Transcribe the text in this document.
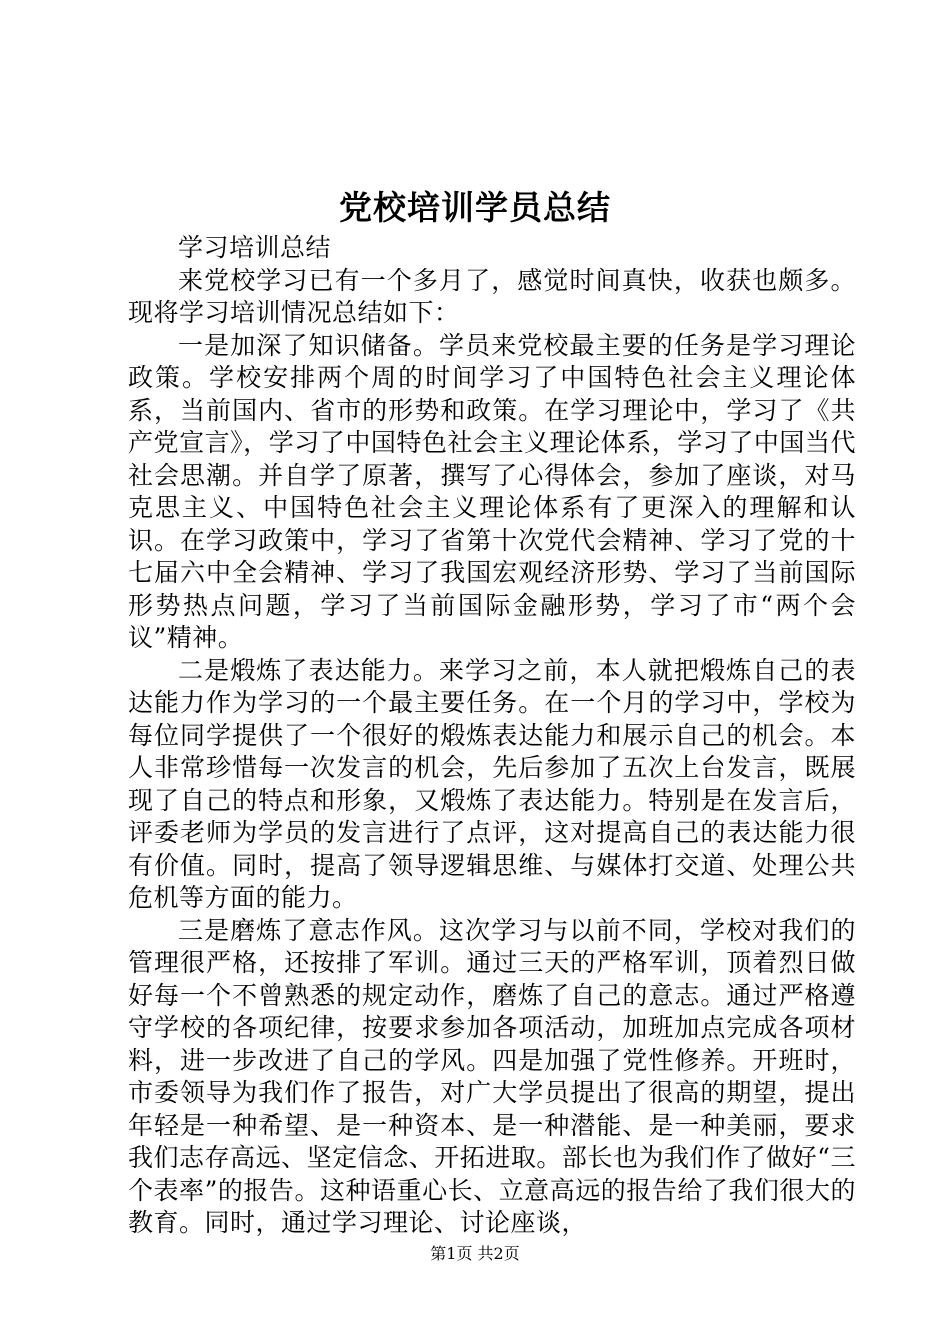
党校培训学员总结

学习培训总结

来党校学习已有一个多月了，感觉时间真快，收获也颇多。现将学习培训情况总结如下：

一是加深了知识储备。学员来党校最主要的任务是学习理论政策。学校安排两个周的时间学习了中国特色社会主义理论体系，当前国内、省市的形势和政策。在学习理论中，学习了《共产党宣言》，学习了中国特色社会主义理论体系，学习了中国当代社会思潮。并自学了原著，撰写了心得体会，参加了座谈，对马克思主义、中国特色社会主义理论体系有了更深入的理解和认识。在学习政策中，学习了省第十次党代会精神、学习了党的十七届六中全会精神、学习了我国宏观经济形势、学习了当前国际形势热点问题，学习了当前国际金融形势，学习了市“两个会议”精神。

二是煅炼了表达能力。来学习之前，本人就把煅炼自己的表达能力作为学习的一个最主要任务。在一个月的学习中，学校为每位同学提供了一个很好的煅炼表达能力和展示自己的机会。本人非常珍惜每一次发言的机会，先后参加了五次上台发言，既展现了自己的特点和形象，又煅炼了表达能力。特别是在发言后，评委老师为学员的发言进行了点评，这对提高自己的表达能力很有价值。同时，提高了领导逻辑思维、与媒体打交道、处理公共危机等方面的能力。

三是磨炼了意志作风。这次学习与以前不同，学校对我们的管理很严格，还按排了军训。通过三天的严格军训，顶着烈日做好每一个不曾熟悉的规定动作，磨炼了自己的意志。通过严格遵守学校的各项纪律，按要求参加各项活动，加班加点完成各项材料，进一步改进了自己的学风。四是加强了党性修养。开班时，市委领导为我们作了报告，对广大学员提出了很高的期望，提出年轻是一种希望、是一种资本、是一种潜能、是一种美丽，要求我们志存高远、坚定信念、开拓进取。部长也为我们作了做好“三个表率”的报告。这种语重心长、立意高远的报告给了我们很大的教育。同时，通过学习理论、讨论座谈，

第1页 共2页
